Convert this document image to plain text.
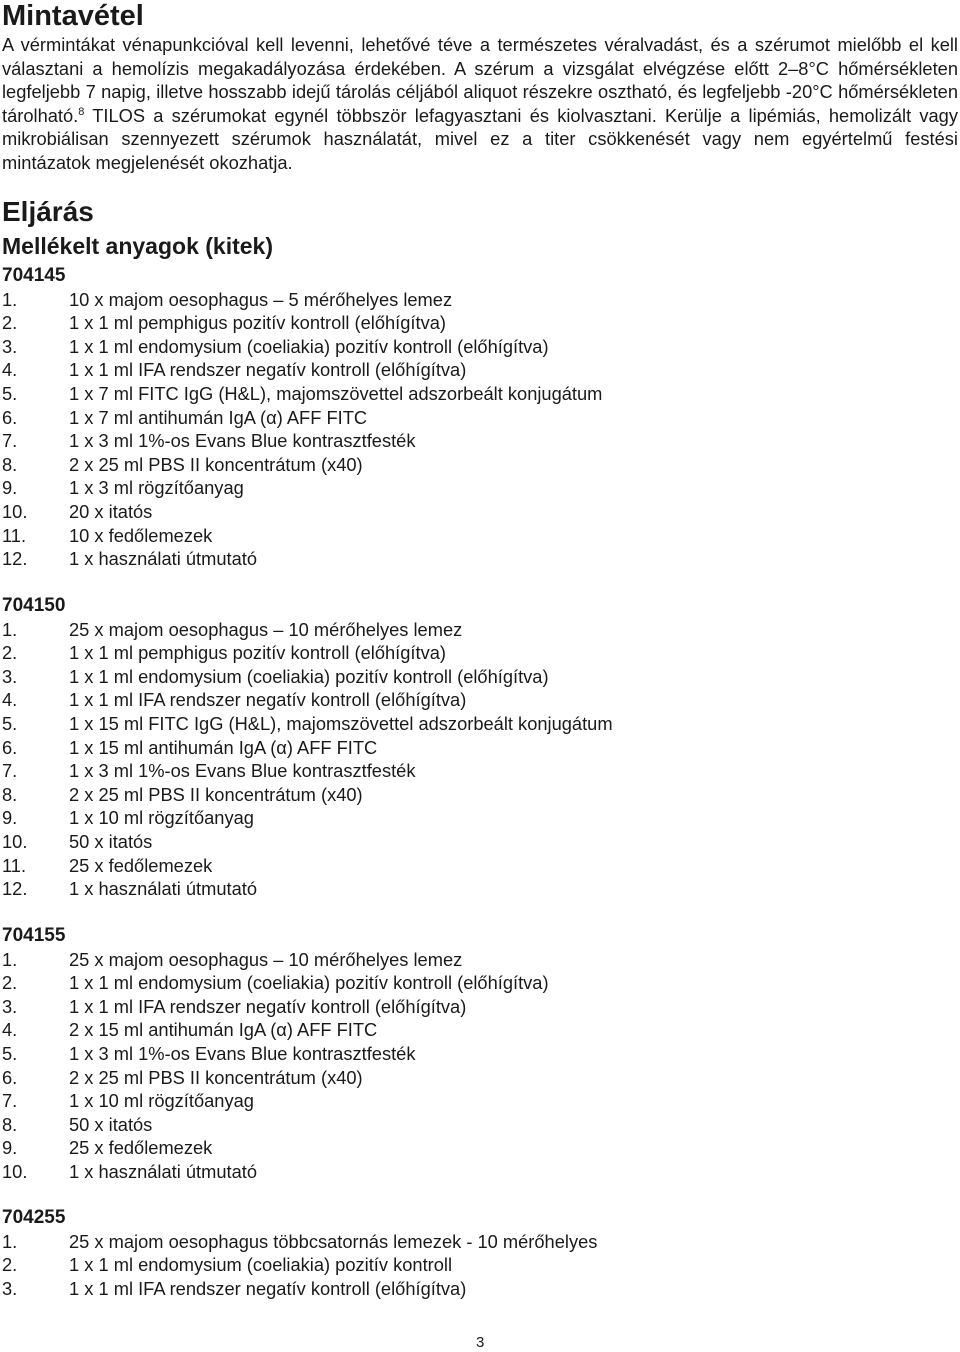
Mintavétel

A vérmintákat vénapunkcióval kell levenni, lehetővé téve a természetes véralvadást, és a szérumot mielőbb el kell választani a hemolízis megakadályozása érdekében. A szérum a vizsgálat elvégzése előtt 2–8°C hőmérsékleten legfeljebb 7 napig, illetve hosszabb idejű tárolás céljából aliquot részekre osztható, és legfeljebb -20°C hőmérsékleten tárolható.$^8$ TILOS a szérumokat egynél többször lefagyasztani és kiolvasztani. Kerülje a lipémiás, hemolizált vagy mikrobiálisan szennyezett szérumok használatát, mivel ez a titer csökkenését vagy nem egyértelmű festési mintázatok megjelenését okozhatja.

Eljárás
Mellékelt anyagok (kitek)
704145
1.	10 x majom oesophagus – 5 mérőhelyes lemez
2.	1 x 1 ml pemphigus pozitív kontroll (előhígítva)
3.	1 x 1 ml endomysium (coeliakia) pozitív kontroll (előhígítva)
4.	1 x 1 ml IFA rendszer negatív kontroll (előhígítva)
5.	1 x 7 ml FITC IgG (H&L), majomszövettel adszorbeált konjugátum
6.	1 x 7 ml antihumán IgA (α) AFF FITC
7.	1 x 3 ml 1%-os Evans Blue kontrasztfesték
8.	2 x 25 ml PBS II koncentrátum (x40)
9.	1 x 3 ml rögzítőanyag
10. 20 x itatós
11. 10 x fedőlemezek
12. 1 x használati útmutató
704150
1.	25 x majom oesophagus – 10 mérőhelyes lemez
2.	1 x 1 ml pemphigus pozitív kontroll (előhígítva)
3.	1 x 1 ml endomysium (coeliakia) pozitív kontroll (előhígítva)
4.	1 x 1 ml IFA rendszer negatív kontroll (előhígítva)
5.	1 x 15 ml FITC IgG (H&L), majomszövettel adszorbeált konjugátum
6.	1 x 15 ml antihumán IgA (α) AFF FITC
7.	1 x 3 ml 1%-os Evans Blue kontrasztfesték
8.	2 x 25 ml PBS II koncentrátum (x40)
9.	1 x 10 ml rögzítőanyag
10. 50 x itatós
11. 25 x fedőlemezek
12. 1 x használati útmutató
704155
1.	25 x majom oesophagus – 10 mérőhelyes lemez
2.	1 x 1 ml endomysium (coeliakia) pozitív kontroll (előhígítva)
3.	1 x 1 ml IFA rendszer negatív kontroll (előhígítva)
4.	2 x 15 ml antihumán IgA (α) AFF FITC
5.	1 x 3 ml 1%-os Evans Blue kontrasztfesték
6.	2 x 25 ml PBS II koncentrátum (x40)
7.	1 x 10 ml rögzítőanyag
8.	50 x itatós
9.	25 x fedőlemezek
10. 1 x használati útmutató
704255
1.	25 x majom oesophagus többcsatornás lemezek - 10 mérőhelyes
2.	1 x 1 ml endomysium (coeliakia) pozitív kontroll
3.	1 x 1 ml IFA rendszer negatív kontroll (előhígítva)
3
